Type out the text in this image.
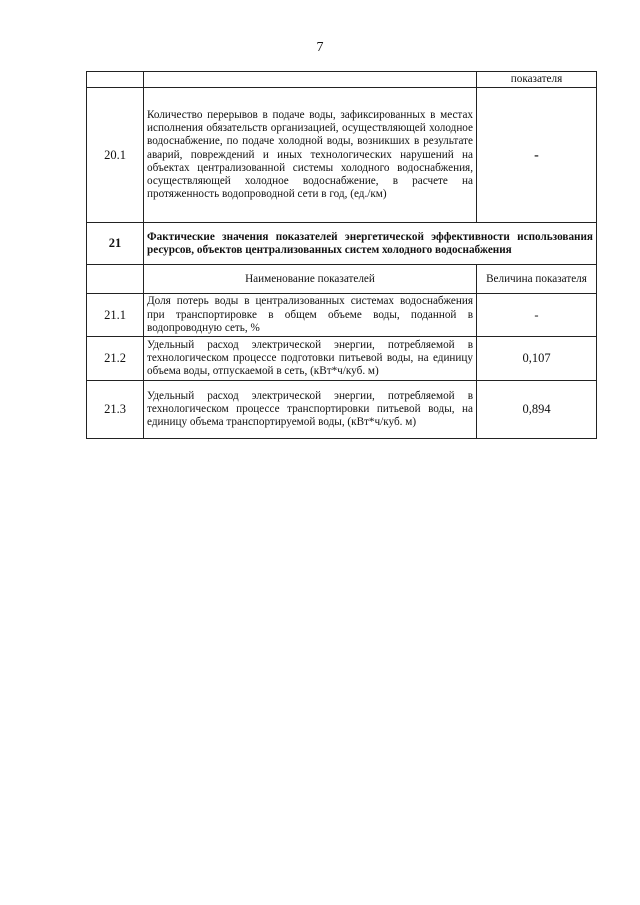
7
		показателя
20.1	Количество перерывов в подаче воды, зафиксированных в местах исполнения обязательств организацией, осуществляющей холодное водоснабжение, по подаче холодной воды, возникших в результате аварий, повреждений и иных технологических нарушений на объектах централизованной системы холодного водоснабжения, осуществляющей холодное водоснабжение, в расчете на протяженность водопроводной сети в год, (ед./км)	-
21	Фактические значения показателей энергетической эффективности использования ресурсов, объектов централизованных систем холодного водоснабжения	
	Наименование показателей	Величина показателя
21.1	Доля потерь воды в централизованных системах водоснабжения при транспортировке в общем объеме воды, поданной в водопроводную сеть, %	-
21.2	Удельный расход электрической энергии, потребляемой в технологическом процессе подготовки питьевой воды, на единицу объема воды, отпускаемой в сеть, (кВт*ч/куб. м)	0,107
21.3	Удельный расход электрической энергии, потребляемой в технологическом процессе транспортировки питьевой воды, на единицу объема транспортируемой воды, (кВт*ч/куб. м)	0,894
